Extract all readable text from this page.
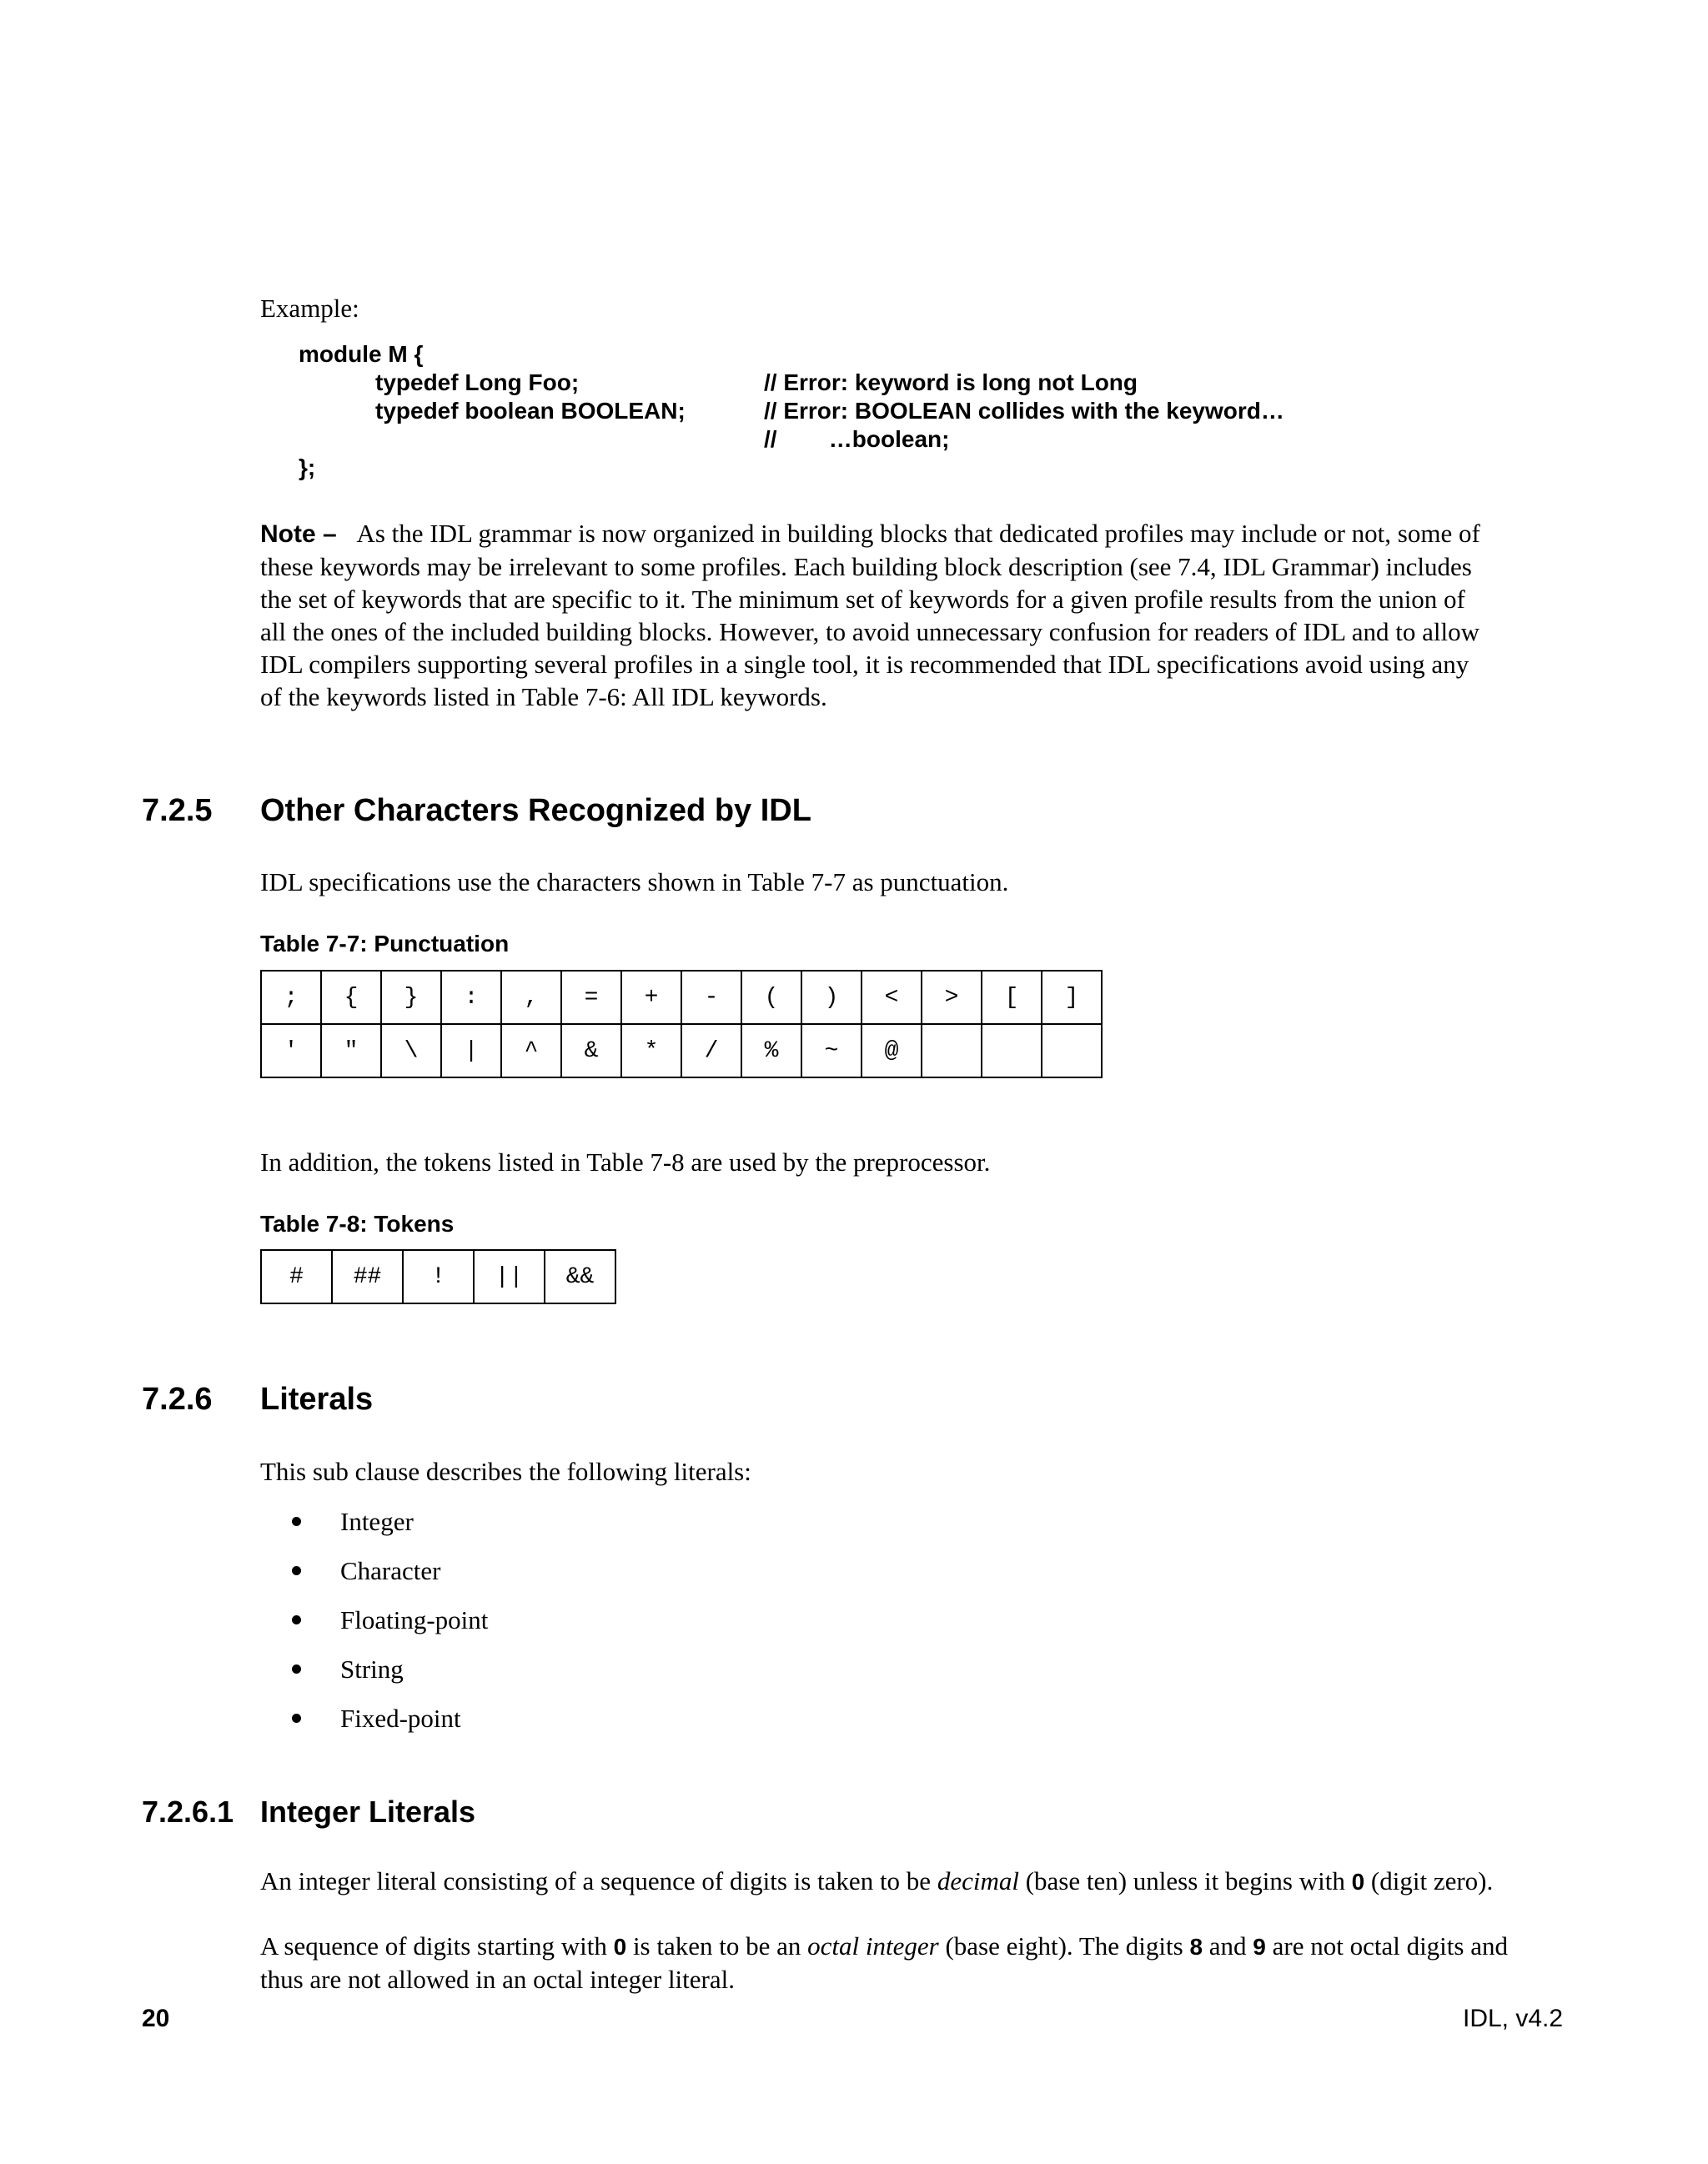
Example:
module M {
typedef Long Foo;	// Error: keyword is long not Long
typedef boolean BOOLEAN;	// Error: BOOLEAN collides with the keyword…
//        …boolean;
};
Note – As the IDL grammar is now organized in building blocks that dedicated profiles may include or not, some of
these keywords may be irrelevant to some profiles. Each building block description (see 7.4, IDL Grammar) includes
the set of keywords that are specific to it. The minimum set of keywords for a given profile results from the union of
all the ones of the included building blocks. However, to avoid unnecessary confusion for readers of IDL and to allow
IDL compilers supporting several profiles in a single tool, it is recommended that IDL specifications avoid using any
of the keywords listed in Table 7-6: All IDL keywords.
7.2.5 Other Characters Recognized by IDL
IDL specifications use the characters shown in Table 7-7 as punctuation.
Table 7-7: Punctuation
;	{	}	:	,	=	+	-	(	)	<	>	[	]
'	"	\	|	^	&	*	/	%	~	@			
In addition, the tokens listed in Table 7-8 are used by the preprocessor.
Table 7-8: Tokens
#	##	!	||	&&
7.2.6 Literals
This sub clause describes the following literals:
Integer
Character
Floating-point
String
Fixed-point
7.2.6.1 Integer Literals
An integer literal consisting of a sequence of digits is taken to be decimal (base ten) unless it begins with 0 (digit zero).
A sequence of digits starting with 0 is taken to be an octal integer (base eight). The digits 8 and 9 are not octal digits and
thus are not allowed in an octal integer literal.
20	IDL, v4.2
